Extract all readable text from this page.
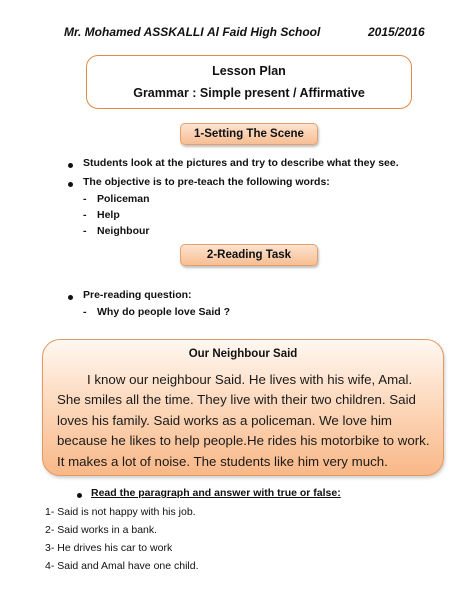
Mr. Mohamed ASSKALLI Al Faid High School	2015/2016
Lesson Plan
Grammar : Simple present / Affirmative
1-Setting The Scene
Students look at the pictures and try to describe what they see.
The objective is to pre-teach the following words:
- Policeman
- Help
- Neighbour
2-Reading Task
Pre-reading question:
- Why do people love Said ?
Our Neighbour Said
I know our neighbour Said. He lives with his wife, Amal. She smiles all the time. They live with their two children. Said loves his family. Said works as a policeman. We love him because he likes to help people.He rides his motorbike to work. It makes a lot of noise. The students like him very much.
Read the paragraph and answer with true or false:
1- Said is not happy with his job.
2- Said works in a bank.
3- He drives his car to work
4- Said and Amal have one child.
